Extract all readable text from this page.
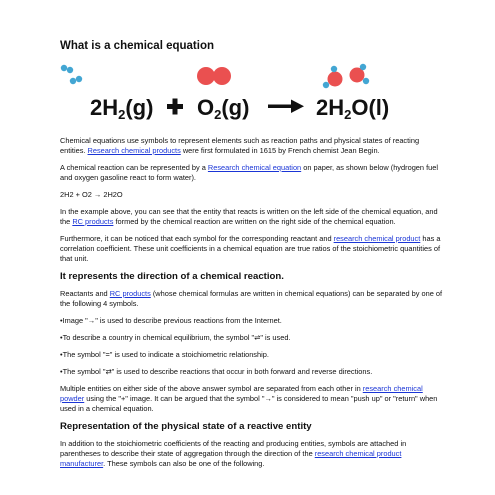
What is a chemical equation
2H2(g) O2(g)	2H2O(l)

Chemical equations use symbols to represent elements such as reaction paths and physical states of reacting entities. Research chemical products were first formulated in 1615 by French chemist Jean Begin.

A chemical reaction can be represented by a Research chemical equation on paper, as shown below (hydrogen fuel and oxygen gasoline react to form water).

2H2 + O2 → 2H2O

In the example above, you can see that the entity that reacts is written on the left side of the chemical equation, and the RC products formed by the chemical reaction are written on the right side of the chemical equation.

Furthermore, it can be noticed that each symbol for the corresponding reactant and research chemical product has a correlation coefficient. These unit coefficients in a chemical equation are true ratios of the stoichiometric quantities of that unit.

It represents the direction of a chemical reaction.

Reactants and RC products (whose chemical formulas are written in chemical equations) can be separated by one of the following 4 symbols.

•Image "→" is used to describe previous reactions from the Internet.

•To describe a country in chemical equilibrium, the symbol "⇌" is used.

•The symbol "=" is used to indicate a stoichiometric relationship.

•The symbol "⇄" is used to describe reactions that occur in both forward and reverse directions.

Multiple entities on either side of the above answer symbol are separated from each other in research chemical powder using the "+" image. It can be argued that the symbol "→" is considered to mean "push up" or "return" when used in a chemical equation.

Representation of the physical state of a reactive entity

In addition to the stoichiometric coefficients of the reacting and producing entities, symbols are attached in parentheses to describe their state of aggregation through the direction of the research chemical product manufacturer. These symbols can also be one of the following.
